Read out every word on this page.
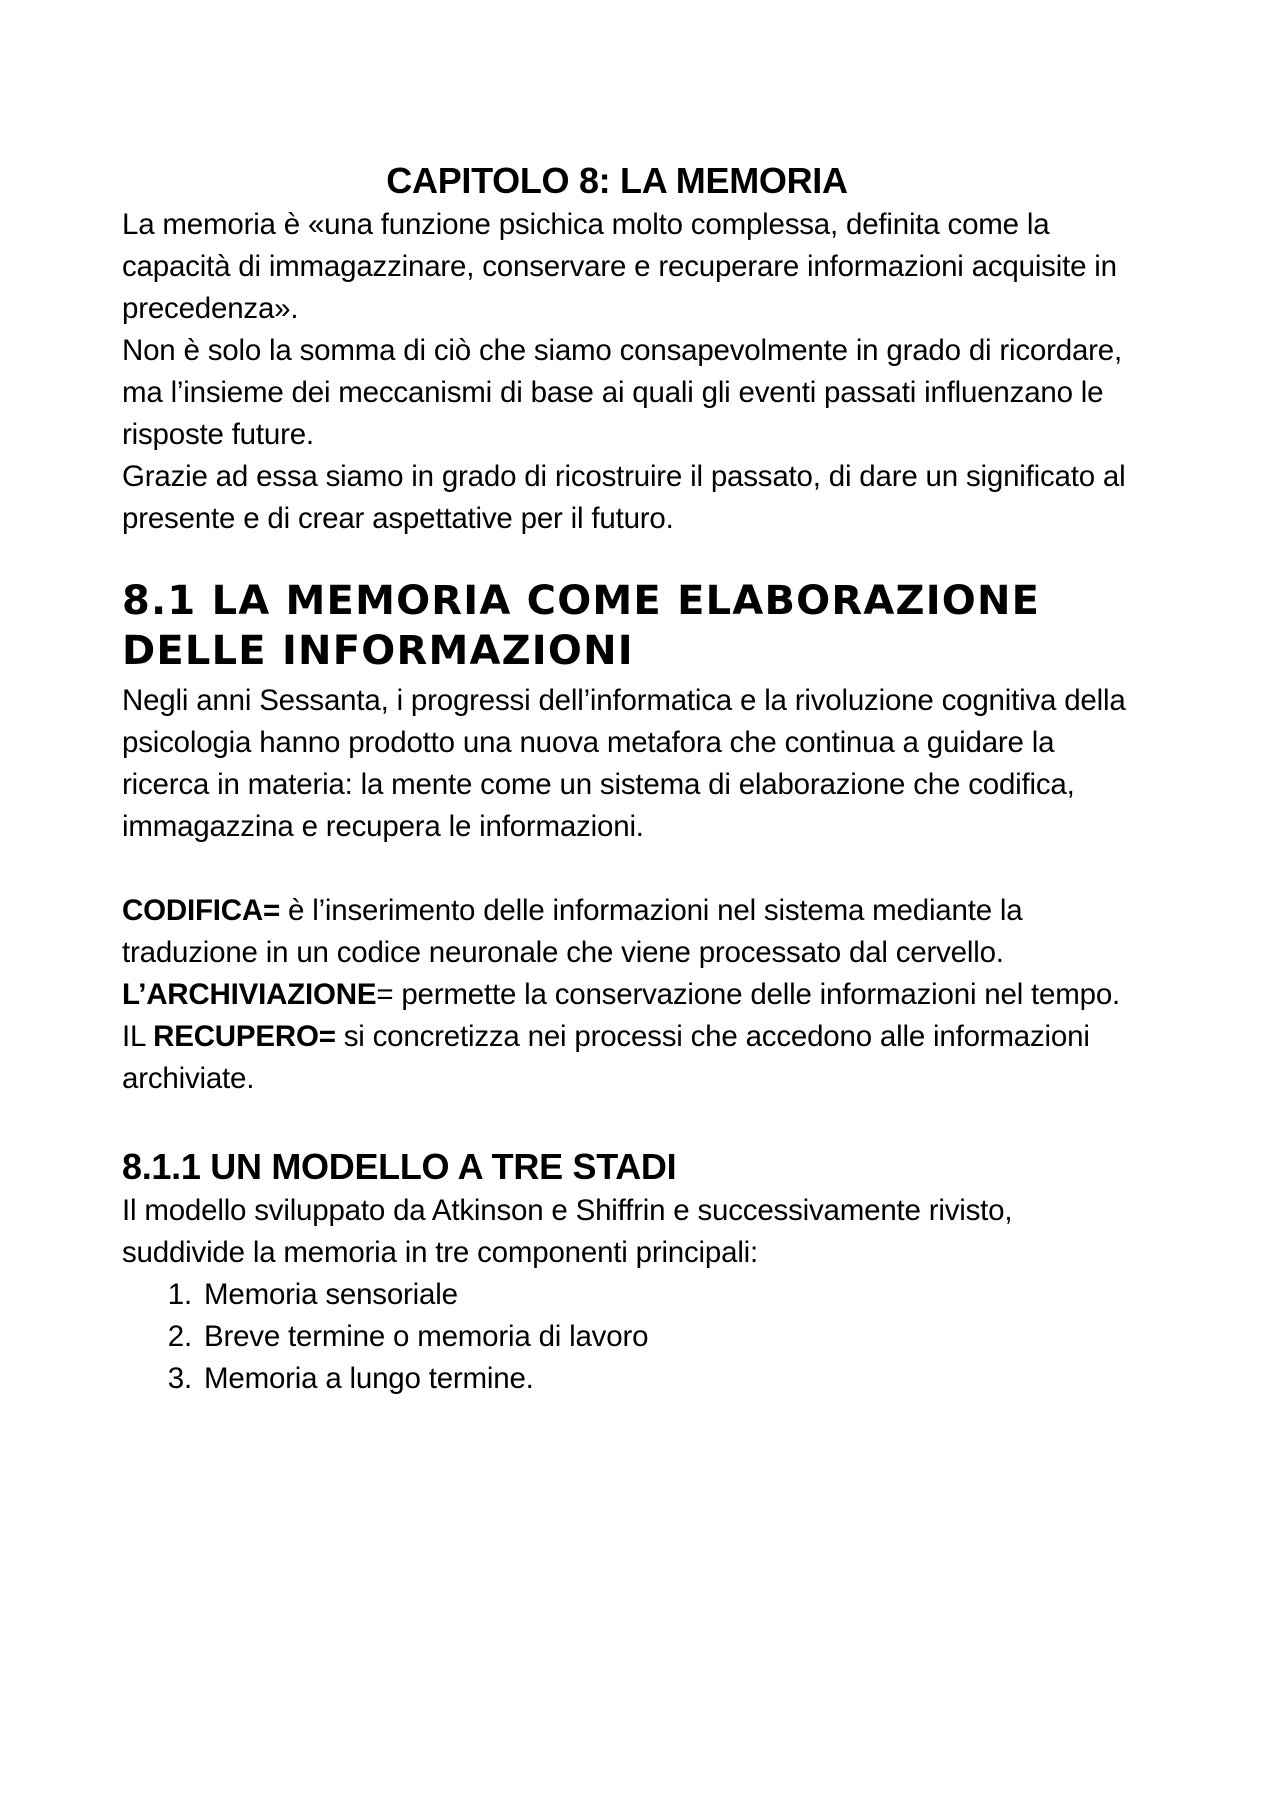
CAPITOLO 8: LA MEMORIA

La memoria è «una funzione psichica molto complessa, definita come la capacità di immagazzinare, conservare e recuperare informazioni acquisite in precedenza».

Non è solo la somma di ciò che siamo consapevolmente in grado di ricordare, ma l’insieme dei meccanismi di base ai quali gli eventi passati influenzano le risposte future.

Grazie ad essa siamo in grado di ricostruire il passato, di dare un significato al presente e di crear aspettative per il futuro.

8.1 LA MEMORIA COME ELABORAZIONE DELLE INFORMAZIONI

Negli anni Sessanta, i progressi dell’informatica e la rivoluzione cognitiva della psicologia hanno prodotto una nuova metafora che continua a guidare la ricerca in materia: la mente come un sistema di elaborazione che codifica, immagazzina e recupera le informazioni.

CODIFICA= è l’inserimento delle informazioni nel sistema mediante la traduzione in un codice neuronale che viene processato dal cervello.

L’ARCHIVIAZIONE= permette la conservazione delle informazioni nel tempo.

IL RECUPERO= si concretizza nei processi che accedono alle informazioni archiviate.

8.1.1 UN MODELLO A TRE STADI

Il modello sviluppato da Atkinson e Shiffrin e successivamente rivisto, suddivide la memoria in tre componenti principali:

1. Memoria sensoriale
2. Breve termine o memoria di lavoro
3. Memoria a lungo termine.
